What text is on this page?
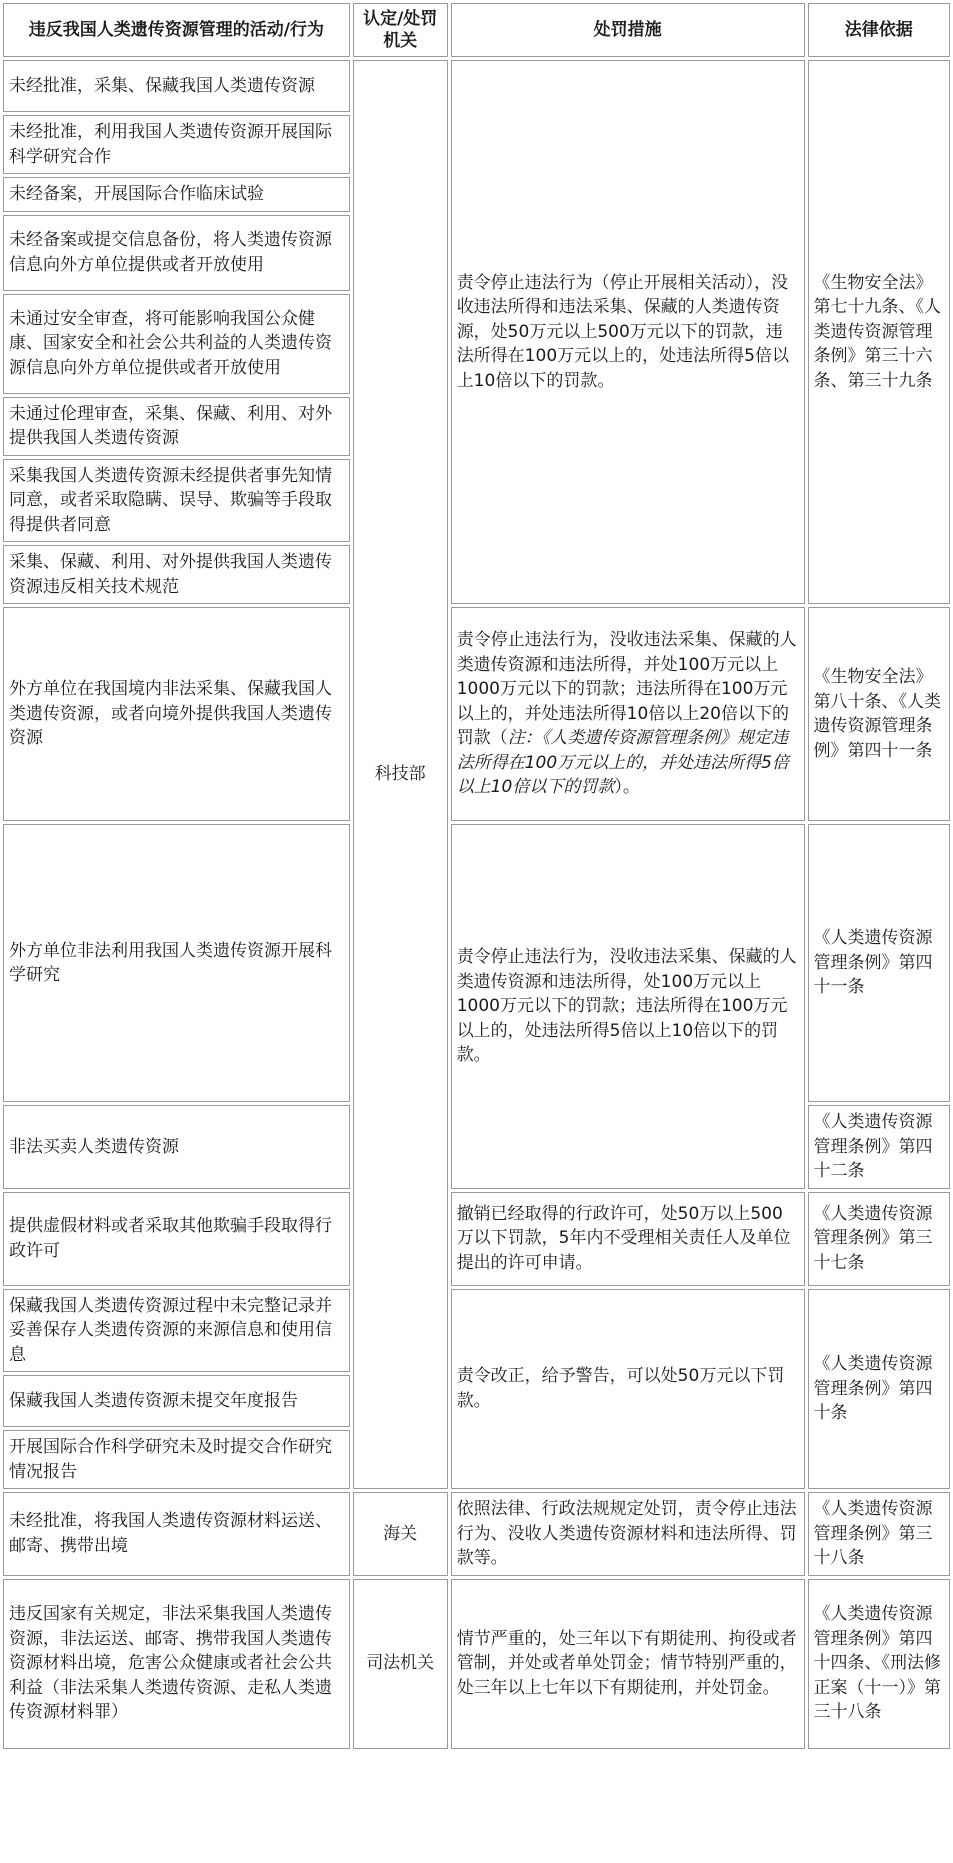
违反我国人类遗传资源管理的活动/行为	认定/处罚机关	处罚措施	法律依据
未经批准，采集、保藏我国人类遗传资源	科技部	责令停止违法行为（停止开展相关活动），没收违法所得和违法采集、保藏的人类遗传资源，处50万元以上500万元以下的罚款，违法所得在100万元以上的，处违法所得5倍以上10倍以下的罚款。	《生物安全法》第七十九条、《人类遗传资源管理条例》第三十六条、第三十九条
未经批准，利用我国人类遗传资源开展国际科学研究合作			
未经备案，开展国际合作临床试验			
未经备案或提交信息备份，将人类遗传资源信息向外方单位提供或者开放使用			
未通过安全审查，将可能影响我国公众健康、国家安全和社会公共利益的人类遗传资源信息向外方单位提供或者开放使用			
未通过伦理审查，采集、保藏、利用、对外提供我国人类遗传资源			
采集我国人类遗传资源未经提供者事先知情同意，或者采取隐瞒、误导、欺骗等手段取得提供者同意			
采集、保藏、利用、对外提供我国人类遗传资源违反相关技术规范			
外方单位在我国境内非法采集、保藏我国人类遗传资源，或者向境外提供我国人类遗传资源		责令停止违法行为，没收违法采集、保藏的人类遗传资源和违法所得，并处100万元以上1000万元以下的罚款；违法所得在100万元以上的，并处违法所得10倍以上20倍以下的罚款（注：《人类遗传资源管理条例》规定违法所得在100万元以上的，并处违法所得5倍以上10倍以下的罚款）。	《生物安全法》第八十条、《人类遗传资源管理条例》第四十一条
外方单位非法利用我国人类遗传资源开展科学研究		责令停止违法行为，没收违法采集、保藏的人类遗传资源和违法所得，处100万元以上1000万元以下的罚款；违法所得在100万元以上的，处违法所得5倍以上10倍以下的罚款。	《人类遗传资源管理条例》第四十一条
非法买卖人类遗传资源			《人类遗传资源管理条例》第四十二条
提供虚假材料或者采取其他欺骗手段取得行政许可		撤销已经取得的行政许可，处50万以上500万以下罚款，5年内不受理相关责任人及单位提出的许可申请。	《人类遗传资源管理条例》第三十七条
保藏我国人类遗传资源过程中未完整记录并妥善保存人类遗传资源的来源信息和使用信息		责令改正，给予警告，可以处50万元以下罚款。	《人类遗传资源管理条例》第四十条
保藏我国人类遗传资源未提交年度报告			
开展国际合作科学研究未及时提交合作研究情况报告			
未经批准，将我国人类遗传资源材料运送、邮寄、携带出境	海关	依照法律、行政法规规定处罚，责令停止违法行为、没收人类遗传资源材料和违法所得、罚款等。	《人类遗传资源管理条例》第三十八条
违反国家有关规定，非法采集我国人类遗传资源，非法运送、邮寄、携带我国人类遗传资源材料出境，危害公众健康或者社会公共利益（非法采集人类遗传资源、走私人类遗传资源材料罪）	司法机关	情节严重的，处三年以下有期徒刑、拘役或者管制，并处或者单处罚金；情节特别严重的，处三年以上七年以下有期徒刑，并处罚金。	《人类遗传资源管理条例》第四十四条、《刑法修正案（十一）》第三十八条
